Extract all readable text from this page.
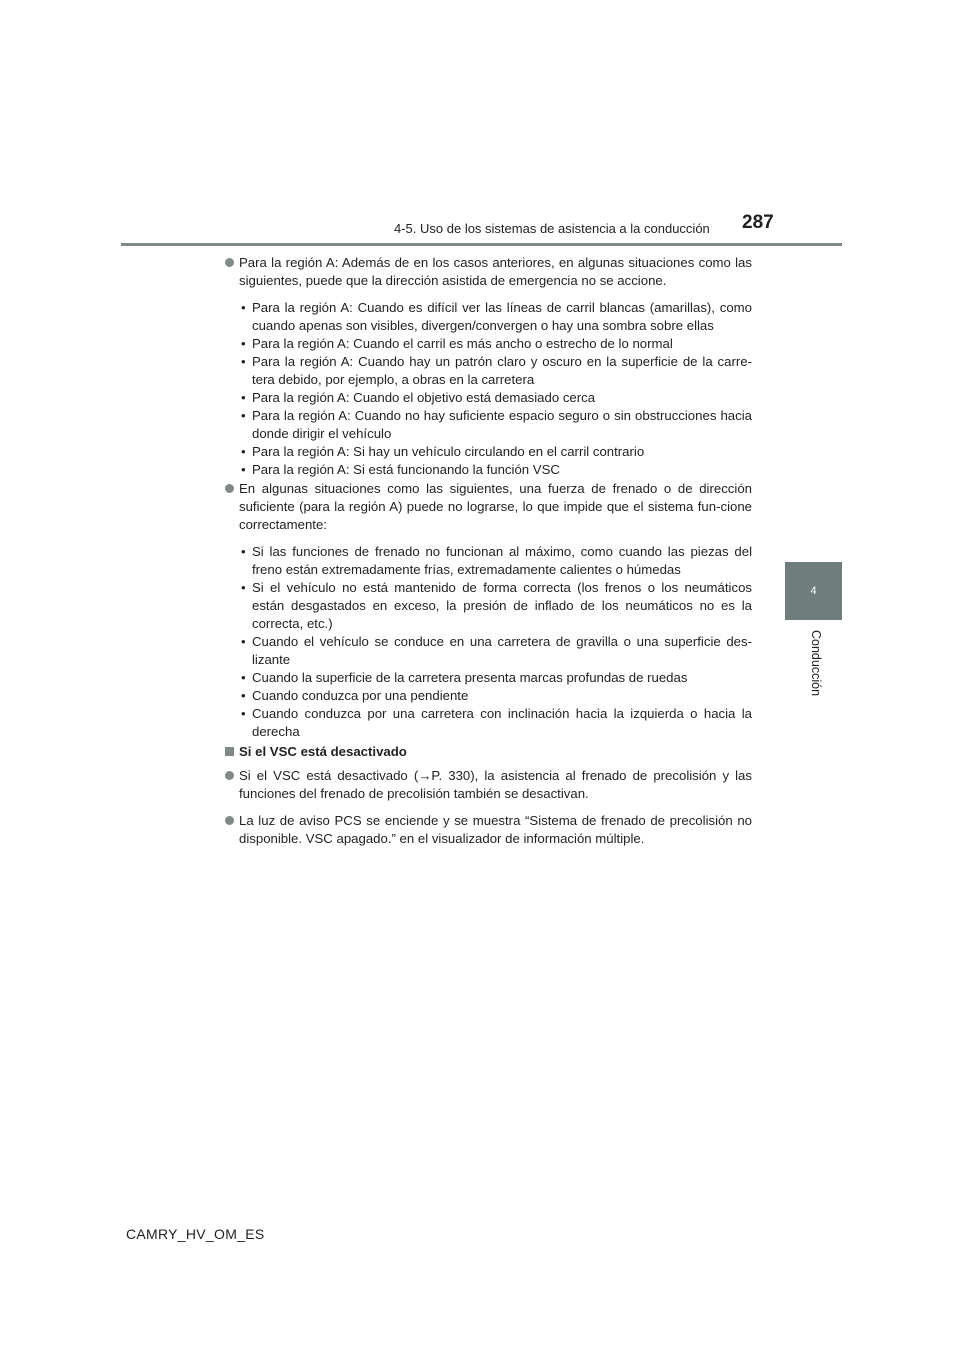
4-5. Uso de los sistemas de asistencia a la conducción 287
4
Conducción
Para la región A: Además de en los casos anteriores, en algunas situaciones como las siguientes, puede que la dirección asistida de emergencia no se accione.
• Para la región A: Cuando es difícil ver las líneas de carril blancas (amarillas), como cuando apenas son visibles, divergen/convergen o hay una sombra sobre ellas
• Para la región A: Cuando el carril es más ancho o estrecho de lo normal
• Para la región A: Cuando hay un patrón claro y oscuro en la superficie de la carre-tera debido, por ejemplo, a obras en la carretera
• Para la región A: Cuando el objetivo está demasiado cerca
• Para la región A: Cuando no hay suficiente espacio seguro o sin obstrucciones hacia donde dirigir el vehículo
• Para la región A: Si hay un vehículo circulando en el carril contrario
• Para la región A: Si está funcionando la función VSC
En algunas situaciones como las siguientes, una fuerza de frenado o de dirección suficiente (para la región A) puede no lograrse, lo que impide que el sistema fun-cione correctamente:
• Si las funciones de frenado no funcionan al máximo, como cuando las piezas del freno están extremadamente frías, extremadamente calientes o húmedas
• Si el vehículo no está mantenido de forma correcta (los frenos o los neumáticos están desgastados en exceso, la presión de inflado de los neumáticos no es la correcta, etc.)
• Cuando el vehículo se conduce en una carretera de gravilla o una superficie des-lizante
• Cuando la superficie de la carretera presenta marcas profundas de ruedas
• Cuando conduzca por una pendiente
• Cuando conduzca por una carretera con inclinación hacia la izquierda o hacia la derecha
Si el VSC está desactivado
Si el VSC está desactivado (→P. 330), la asistencia al frenado de precolisión y las funciones del frenado de precolisión también se desactivan.
La luz de aviso PCS se enciende y se muestra “Sistema de frenado de precolisión no disponible. VSC apagado.” en el visualizador de información múltiple.
CAMRY_HV_OM_ES
